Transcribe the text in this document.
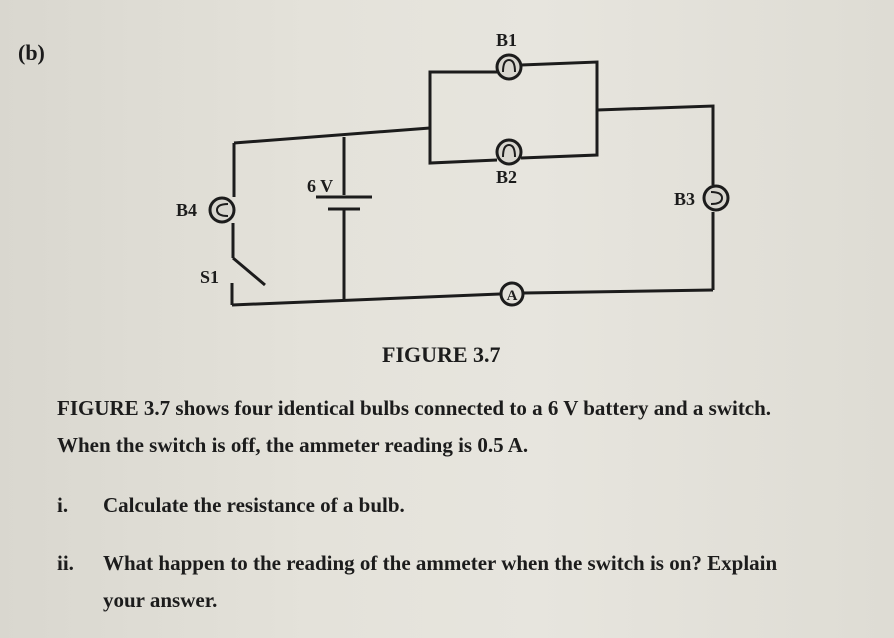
(b)
A
B1
B2
B3
B4
S1
6 V
FIGURE 3.7
FIGURE 3.7 shows four identical bulbs connected to a 6 V battery and a switch.
When the switch is off, the ammeter reading is 0.5 A.
i. Calculate the resistance of a bulb.
ii. What happen to the reading of the ammeter when the switch is on? Explain
your answer.
